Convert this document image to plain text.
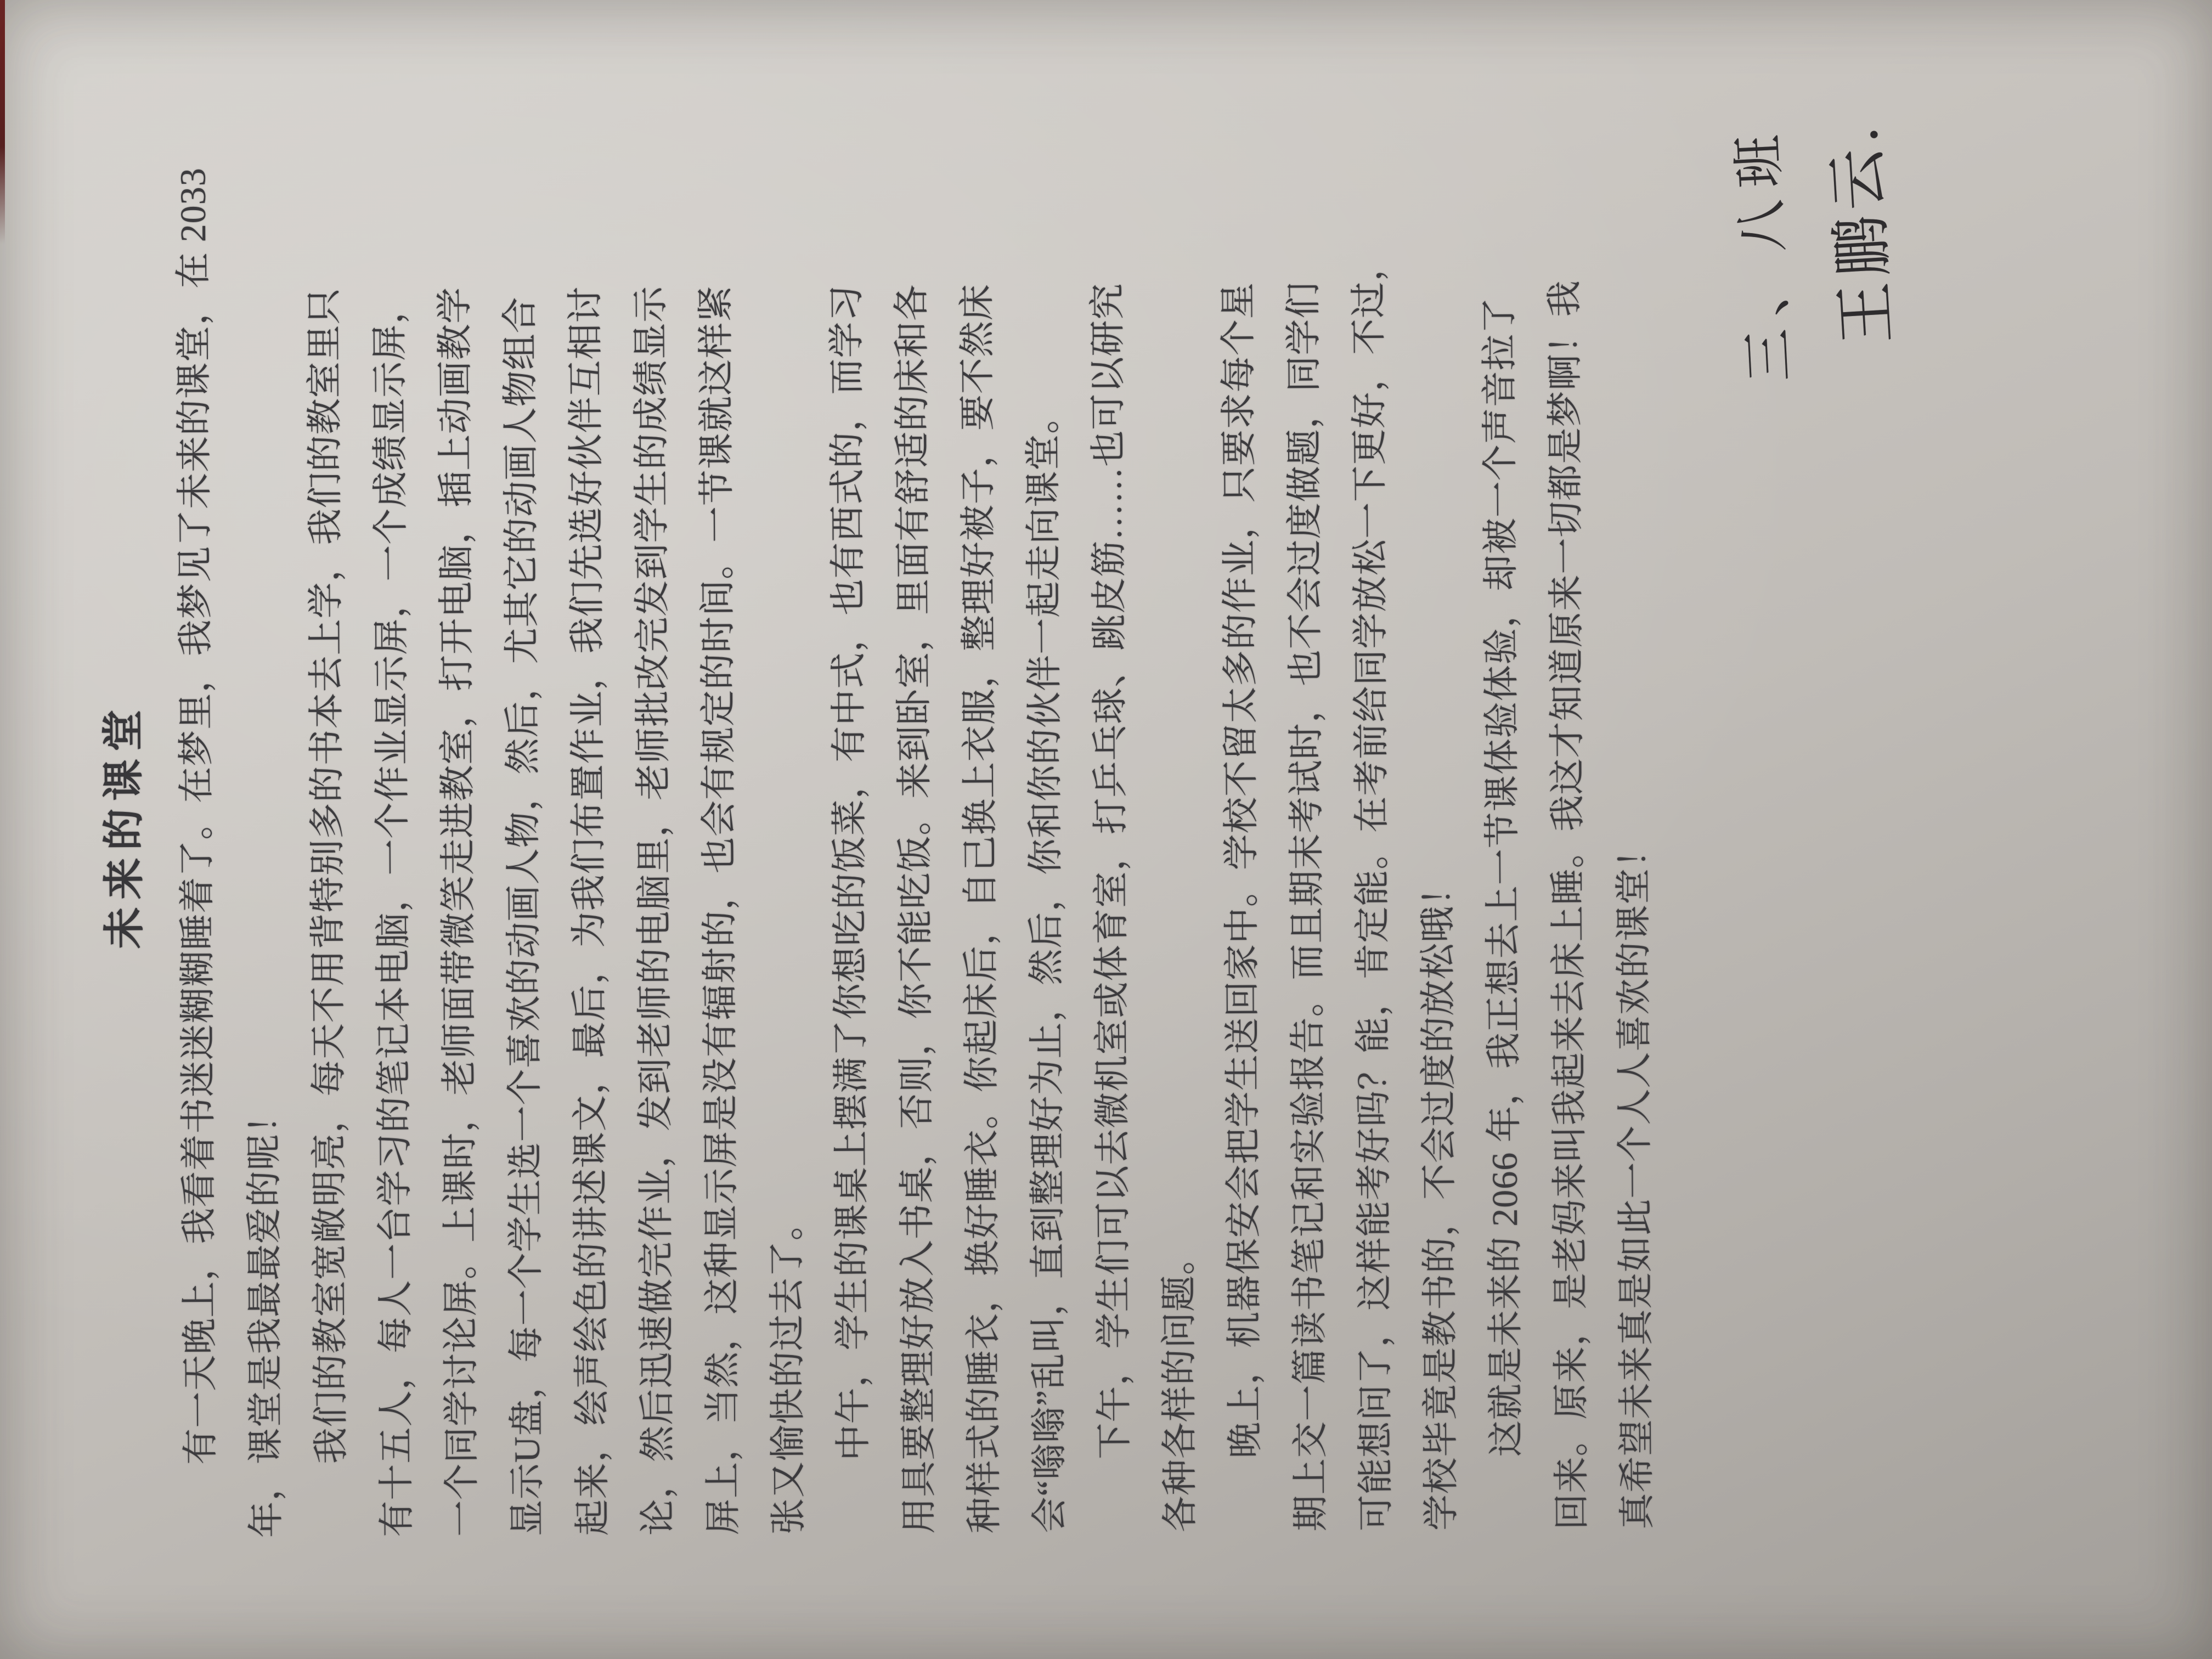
未来的课堂 　　有一天晚上，我看着书迷迷糊糊睡着了。在梦里，我梦见了未来的课堂，在 2033 年，课堂是我最最爱的呢！ 　　我们的教室宽敞明亮，每天不用背特别多的书本去上学，我们的教室里只 有十五人，每人一台学习的笔记本电脑，一个作业显示屏，一个成绩显示屏， 一个同学讨论屏。上课时，老师面带微笑走进教室，打开电脑，插上动画教学 显示U盘，每一个学生选一个喜欢的动画人物，然后，尤其它的动画人物组合 起来，绘声绘色的讲述课文，最后，为我们布置作业，我们先选好伙伴互相讨 论，然后迅速做完作业，发到老师的电脑里，老师批改完发到学生的成绩显示 屏上，当然，这种显示屏是没有辐射的，也会有规定的时间。一节课就这样紧 张又愉快的过去了。 　　中午，学生的课桌上摆满了你想吃的饭菜，有中式，也有西式的，而学习 用具要整理好放入书桌，否则，你不能吃饭。来到卧室，里面有舒适的床和各 种样式的睡衣，换好睡衣。你起床后，自己换上衣服，整理好被子，要不然床 会“嗡嗡”乱叫，直到整理好为止，然后，你和你的伙伴一起走向课堂。 　　下午，学生们可以去微机室或体育室，打乒乓球、跳皮筋……也可以研究 各种各样的问题。 　　晚上，机器保安会把学生送回家中。学校不留太多的作业，只要求每个星 期上交一篇读书笔记和实验报告。而且期末考试时，也不会过度做题，同学们 可能想问了，这样能考好吗？能，肯定能。在考前给同学放松一下更好，不过， 学校毕竟是教书的，不会过度的放松哦！ 　　这就是未来的 2066 年，我正想去上一节课体验体验，却被一个声音拉了 回来。原来，是老妈来叫我起来去床上睡。我这才知道原来一切都是梦啊！我 真希望未来真是如此一个人人喜欢的课堂！
三、八班 王鹏云.
